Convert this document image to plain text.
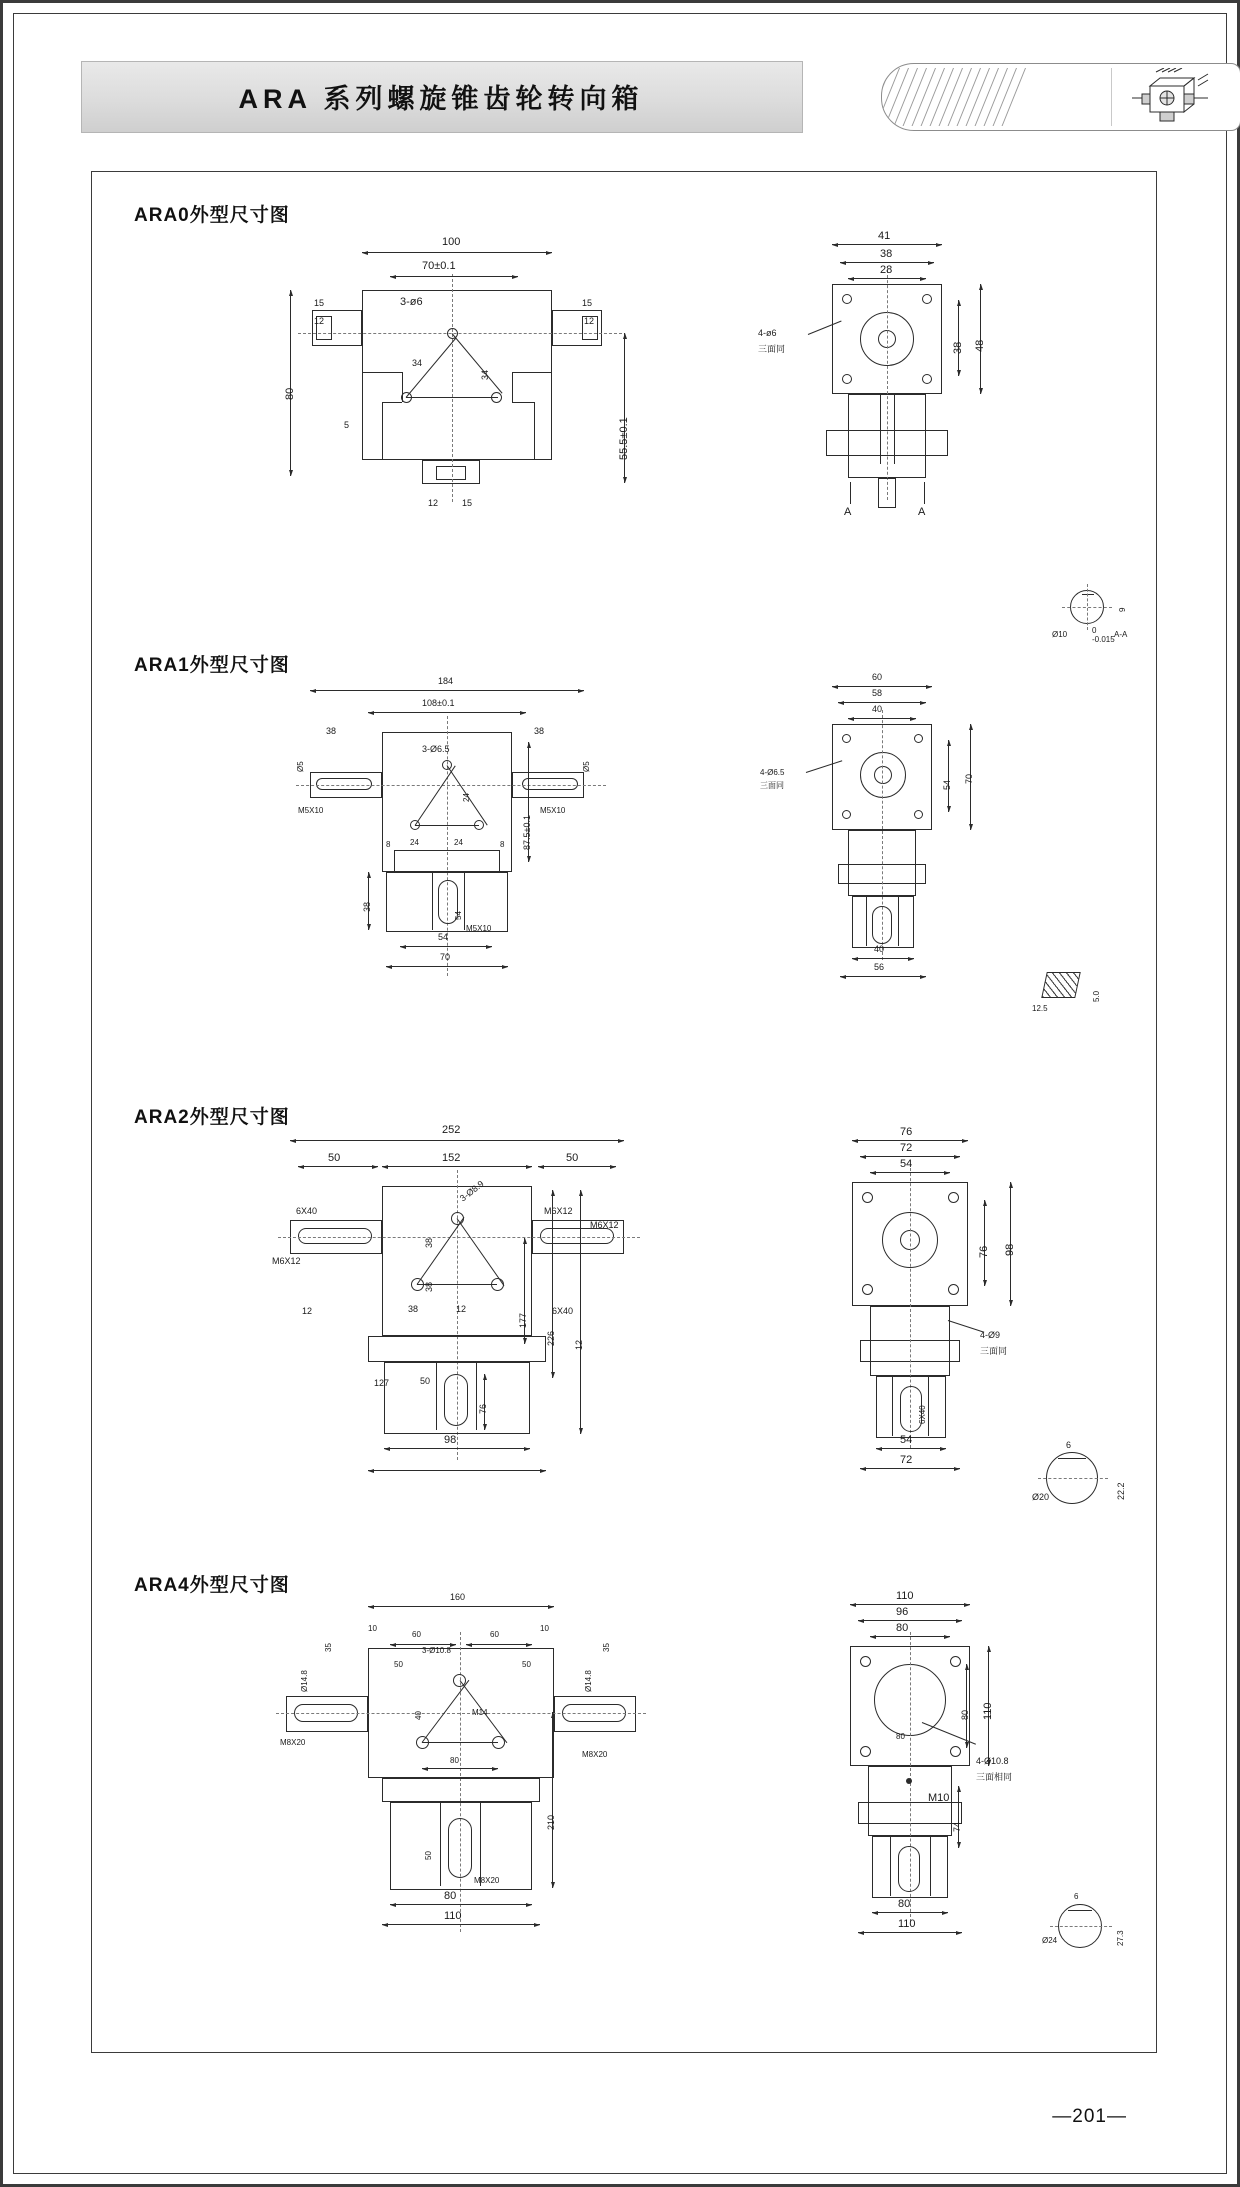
ARA 系列螺旋锥齿轮转向箱
ARA0外型尺寸图
100
70±0.1
3-ø6
15	15
12	12
34
34
80
5	55.5±0.1
12	15
41
38
28
38 48
4-ø6
三面同
A	A
Ø10	0
-0.015
9
A-A
ARA1外型尺寸图
54
184
108±0.1
38	38
3-Ø6.5
24
24	24
8	8
M5X10	M5X10
Ø5	Ø5
87.5±0.1
38
M5X10
54
70
60
58
40
54
70
4-Ø6.5
三面同
40
56
12.5
5.0
ARA2外型尺寸图
252
152
50	50
3-Ø8.9
38
38
38	12
12	6X40
6X40	M6X12
M6X12
M6X12
127
177
226 12
50
76
98
6X40
76
72
54
76 98
4-Ø9
三面同
54
72
6
Ø20	22.2
ARA4外型尺寸图
160
10	10
60	60
50	50
35	35
3-Ø10.8
40	M14
Ø14.8	Ø14.8
M8X20
M8X20
M8X20
80
210
50
80
110
110
96
80
110
80
80
4-Ø10.8
三面相同
M10
74
80
110
6
Ø24	27.3
—201—
